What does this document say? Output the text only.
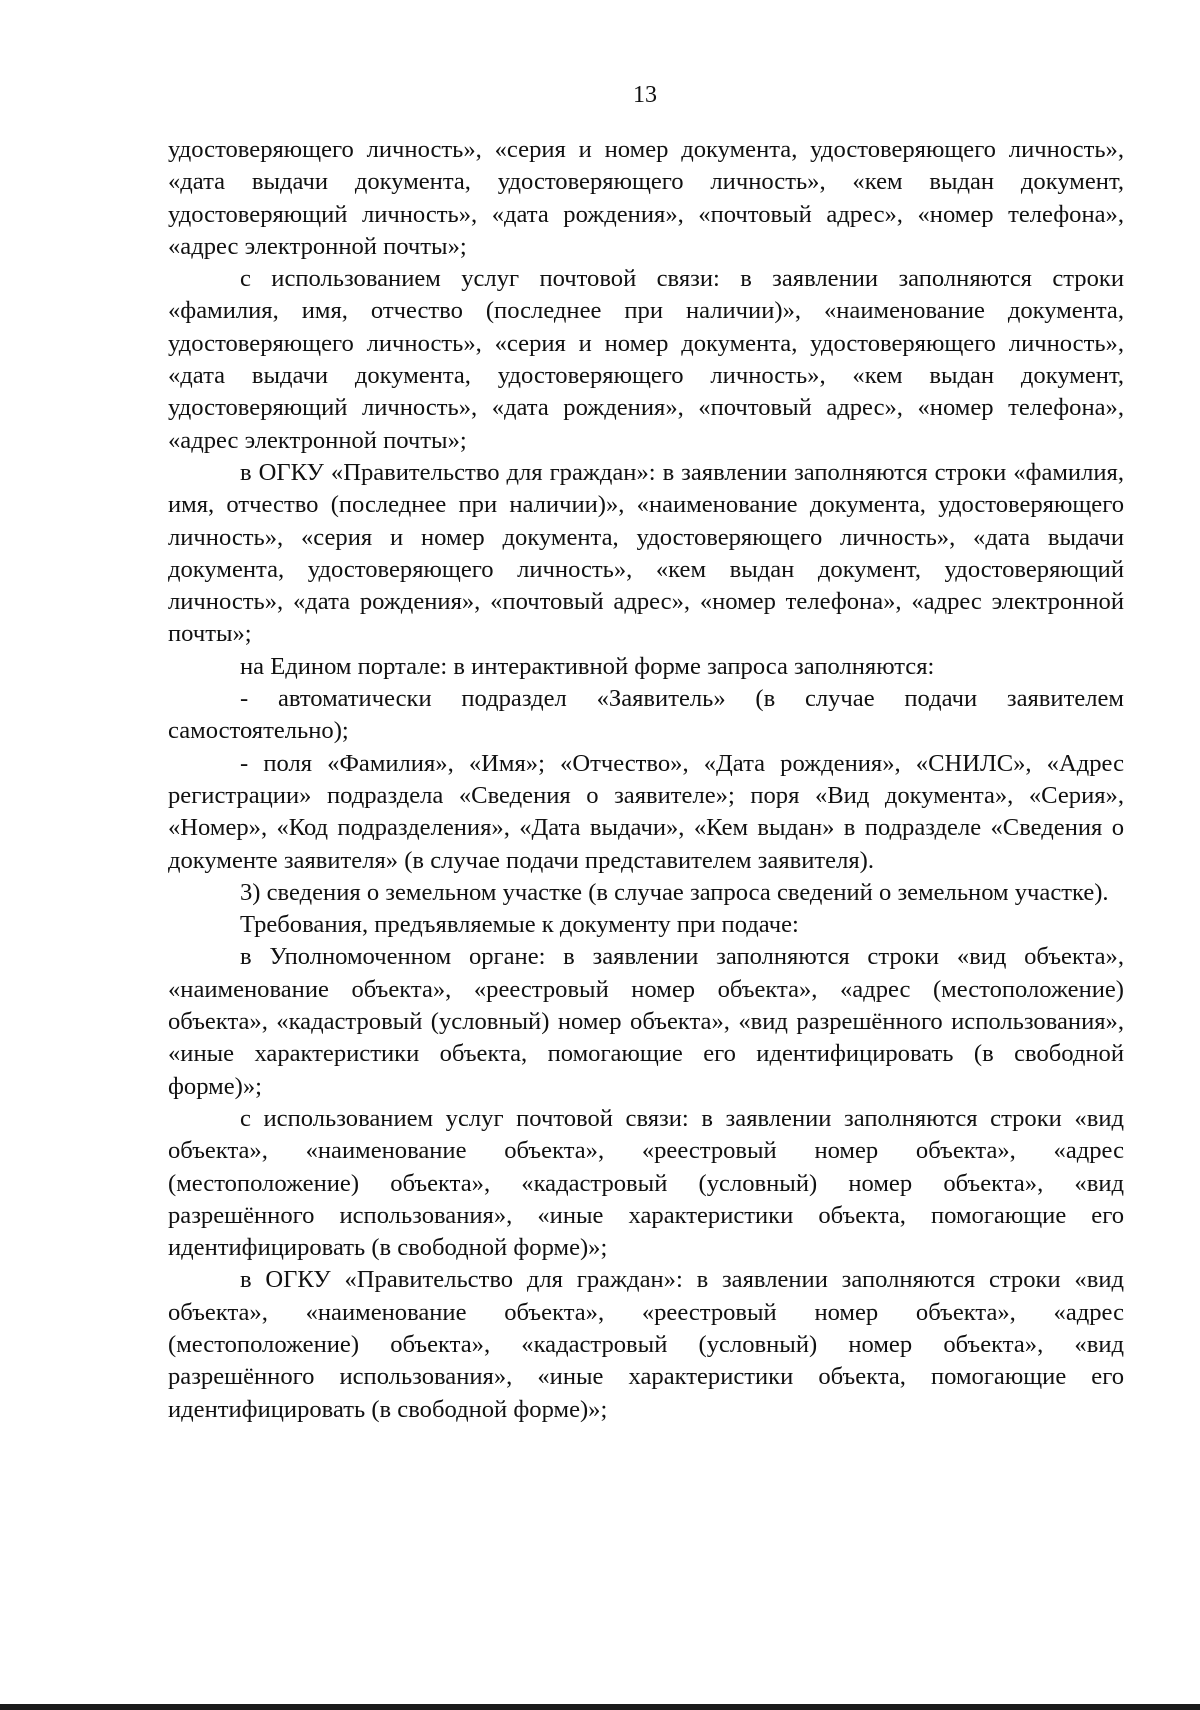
13

удостоверяющего личность», «серия и номер документа, удостоверяющего личность», «дата выдачи документа, удостоверяющего личность», «кем выдан документ, удостоверяющий личность», «дата рождения», «почтовый адрес», «номер телефона», «адрес электронной почты»;

с использованием услуг почтовой связи: в заявлении заполняются строки «фамилия, имя, отчество (последнее при наличии)», «наименование документа, удостоверяющего личность», «серия и номер документа, удостоверяющего личность», «дата выдачи документа, удостоверяющего личность», «кем выдан документ, удостоверяющий личность», «дата рождения», «почтовый адрес», «номер телефона», «адрес электронной почты»;

в ОГКУ «Правительство для граждан»: в заявлении заполняются строки «фамилия, имя, отчество (последнее при наличии)», «наименование документа, удостоверяющего личность», «серия и номер документа, удостоверяющего личность», «дата выдачи документа, удостоверяющего личность», «кем выдан документ, удостоверяющий личность», «дата рождения», «почтовый адрес», «номер телефона», «адрес электронной почты»;

на Едином портале: в интерактивной форме запроса заполняются:

- автоматически подраздел «Заявитель» (в случае подачи заявителем самостоятельно);

- поля «Фамилия», «Имя»; «Отчество», «Дата рождения», «СНИЛС», «Адрес регистрации» подраздела «Сведения о заявителе»; поря «Вид документа», «Серия», «Номер», «Код подразделения», «Дата выдачи», «Кем выдан» в подразделе «Сведения о документе заявителя» (в случае подачи представителем заявителя).

3) сведения о земельном участке (в случае запроса сведений о земельном участке).

Требования, предъявляемые к документу при подаче:

в Уполномоченном органе: в заявлении заполняются строки «вид объекта», «наименование объекта», «реестровый номер объекта», «адрес (местоположение) объекта», «кадастровый (условный) номер объекта», «вид разрешённого использования», «иные характеристики объекта, помогающие его идентифицировать (в свободной форме)»;

с использованием услуг почтовой связи: в заявлении заполняются строки «вид объекта», «наименование объекта», «реестровый номер объекта», «адрес (местоположение) объекта», «кадастровый (условный) номер объекта», «вид разрешённого использования», «иные характеристики объекта, помогающие его идентифицировать (в свободной форме)»;

в ОГКУ «Правительство для граждан»: в заявлении заполняются строки «вид объекта», «наименование объекта», «реестровый номер объекта», «адрес (местоположение) объекта», «кадастровый (условный) номер объекта», «вид разрешённого использования», «иные характеристики объекта, помогающие его идентифицировать (в свободной форме)»;
